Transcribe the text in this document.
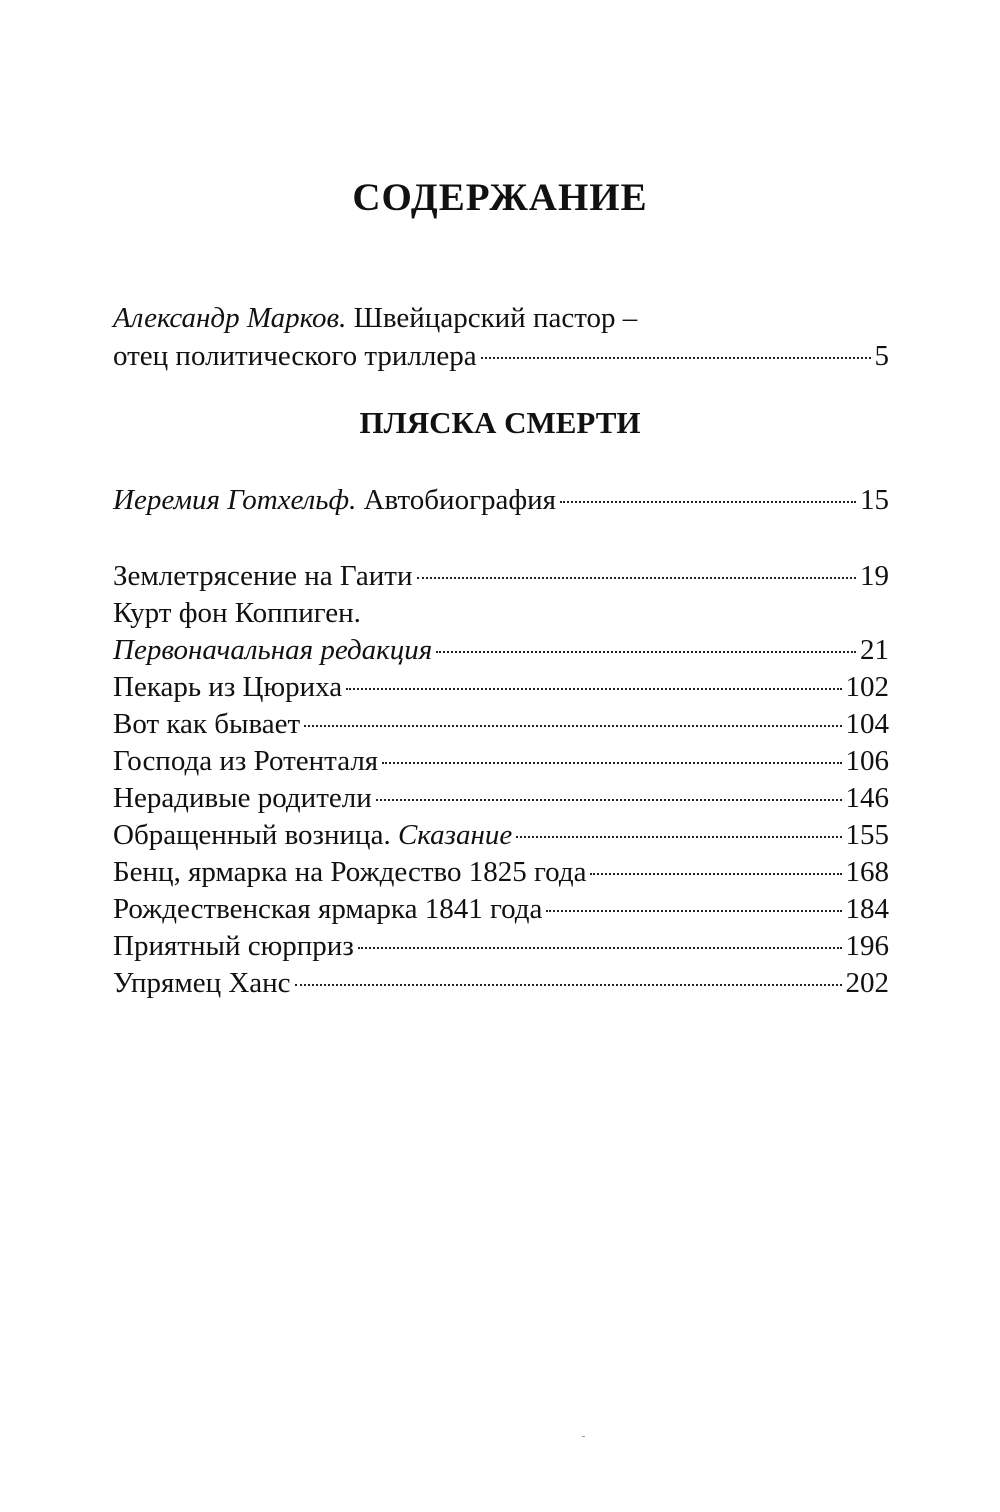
СОДЕРЖАНИЕ
Александр Марков. Швейцарский пастор –
отец политического триллера	5
ПЛЯСКА СМЕРТИ
Иеремия Готхельф. Автобиография	15
Землетрясение на Гаити	19
Курт фон Коппиген.
Первоначальная редакция	21
Пекарь из Цюриха	102
Вот как бывает	104
Господа из Ротенталя	106
Нерадивые родители	146
Обращенный возница. Сказание	155
Бенц, ярмарка на Рождество 1825 года	168
Рождественская ярмарка 1841 года	184
Приятный сюрприз	196
Упрямец Ханс	202
